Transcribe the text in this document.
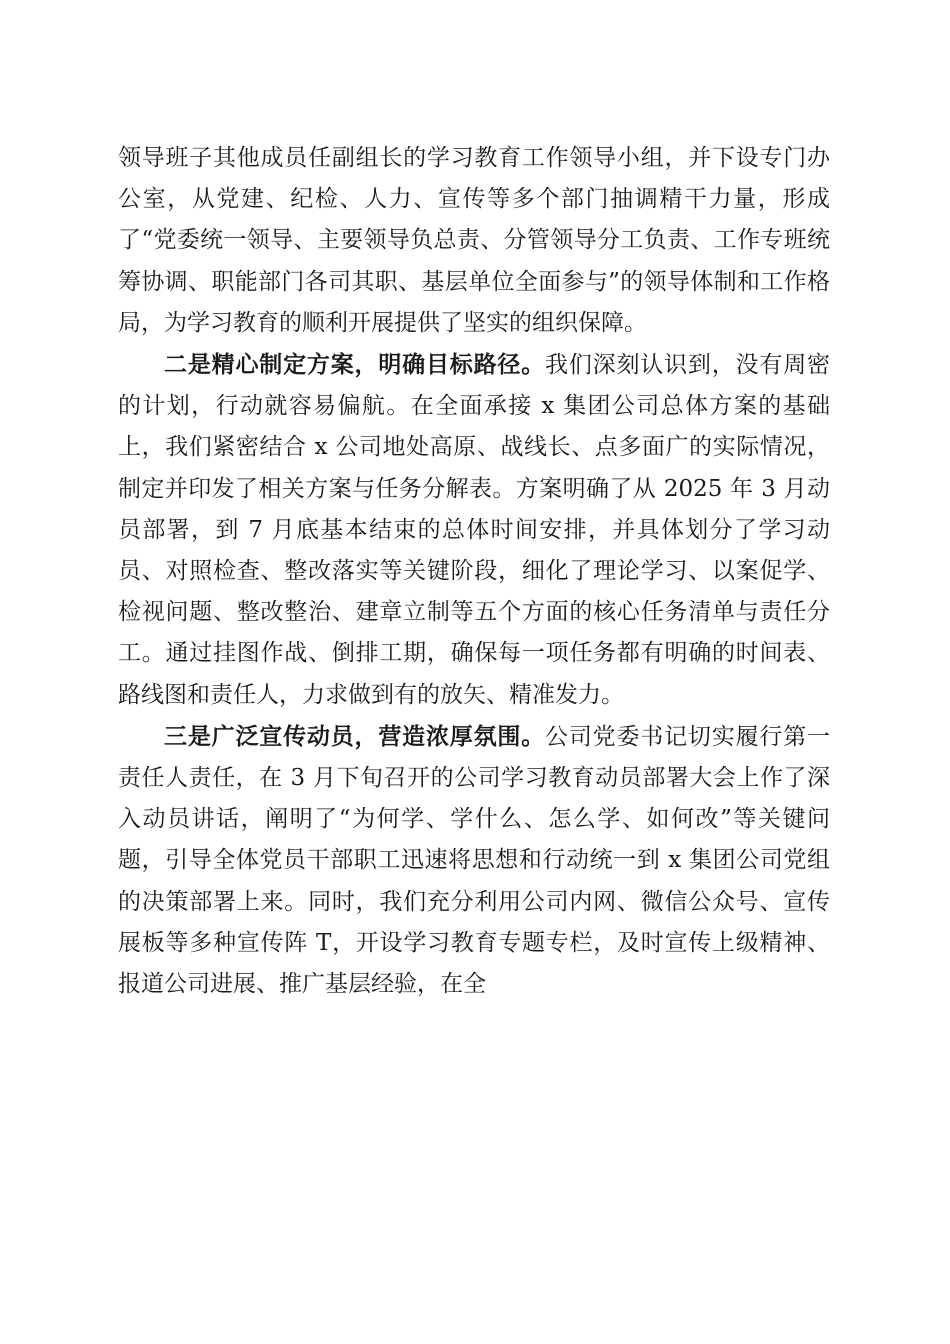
领导班子其他成员任副组长的学习教育工作领导小组，并下设专门办公室，从党建、纪检、人力、宣传等多个部门抽调精干力量，形成了“党委统一领导、主要领导负总责、分管领导分工负责、工作专班统筹协调、职能部门各司其职、基层单位全面参与”的领导体制和工作格局，为学习教育的顺利开展提供了坚实的组织保障。

二是精心制定方案，明确目标路径。我们深刻认识到，没有周密的计划，行动就容易偏航。在全面承接 x 集团公司总体方案的基础上，我们紧密结合 x 公司地处高原、战线长、点多面广的实际情况，制定并印发了相关方案与任务分解表。方案明确了从 2025 年 3 月动员部署，到 7 月底基本结束的总体时间安排，并具体划分了学习动员、对照检查、整改落实等关键阶段，细化了理论学习、以案促学、检视问题、整改整治、建章立制等五个方面的核心任务清单与责任分工。通过挂图作战、倒排工期，确保每一项任务都有明确的时间表、路线图和责任人，力求做到有的放矢、精准发力。

三是广泛宣传动员，营造浓厚氛围。公司党委书记切实履行第一责任人责任，在 3 月下旬召开的公司学习教育动员部署大会上作了深入动员讲话，阐明了“为何学、学什么、怎么学、如何改”等关键问题，引导全体党员干部职工迅速将思想和行动统一到 x 集团公司党组的决策部署上来。同时，我们充分利用公司内网、微信公众号、宣传展板等多种宣传阵 T，开设学习教育专题专栏，及时宣传上级精神、报道公司进展、推广基层经验，在全
